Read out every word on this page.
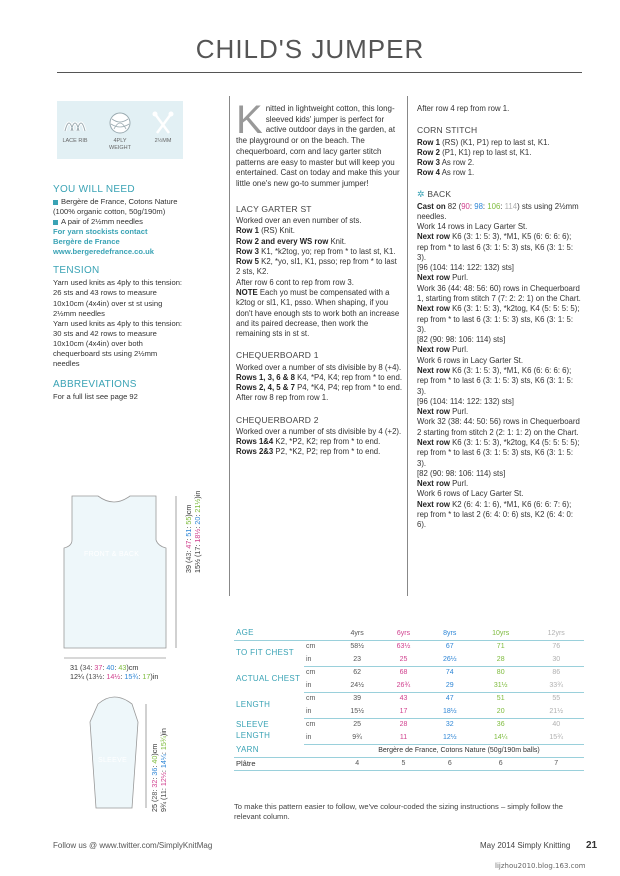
CHILD'S JUMPER
LACE RIB	4PLY WEIGHT
2½MM
YOU WILL NEED

Bergère de France, Cotons Nature (100% organic cotton, 50g/190m)

A pair of 2½mm needles

For yarn stockists contact

Bergère de France

www.bergeredefrance.co.uk

TENSION

Yarn used knits as 4ply to this tension: 26 sts and 43 rows to measure 10x10cm (4x4in) over st st using 2½mm needles

Yarn used knits as 4ply to this tension: 30 sts and 42 rows to measure 10x10cm (4x4in) over both chequerboard sts using 2½mm needles

ABBREVIATIONS

For a full list see page 92

FRONT & BACK
SLEEVE
39 (43: 47: 51: 55)cm
15½ (17: 18½: 20: 21½)in
31 (34: 37: 40: 43)cm
12¼ (13½: 14½: 15¾: 17)in
25 (28: 32: 36: 40)cm
9¾ (11: 12½: 14¼: 15¾)in

Knitted in lightweight cotton, this long-sleeved kids' jumper is perfect for active outdoor days in the garden, at the playground or on the beach. The chequerboard, corn and lacy garter stitch patterns are easy to master but will keep you entertained. Cast on today and make this your little one's new go-to summer jumper!

LACY GARTER ST

Worked over an even number of sts.

Row 1 (RS) Knit.

Row 2 and every WS row Knit.

Row 3 K1, *k2tog, yo; rep from * to last st, K1.

Row 5 K2, *yo, sl1, K1, psso; rep from * to last 2 sts, K2.

After row 6 cont to rep from row 3.

NOTE Each yo must be compensated with a k2tog or sl1, K1, psso. When shaping, if you don't have enough sts to work both an increase and its paired decrease, then work the remaining sts in st st.

CHEQUERBOARD 1

Worked over a number of sts divisible by 8 (+4).

Rows 1, 3, 6 & 8 K4, *P4, K4; rep from * to end.

Rows 2, 4, 5 & 7 P4, *K4, P4; rep from * to end.

After row 8 rep from row 1.

CHEQUERBOARD 2

Worked over a number of sts divisible by 4 (+2).

Rows 1&4 K2, *P2, K2; rep from * to end.

Rows 2&3 P2, *K2, P2; rep from * to end.

After row 4 rep from row 1.

CORN STITCH

Row 1 (RS) (K1, P1) rep to last st, K1.

Row 2 (P1, K1) rep to last st, K1.

Row 3 As row 2.

Row 4 As row 1.

✲ BACK

Cast on 82 (90: 98: 106: 114) sts using 2½mm needles.

Work 14 rows in Lacy Garter St.

Next row K6 (3: 1: 5: 3), *M1, K5 (6: 6: 6: 6); rep from * to last 6 (3: 1: 5: 3) sts, K6 (3: 1: 5: 3).

[96 (104: 114: 122: 132) sts]

Next row Purl.

Work 36 (44: 48: 56: 60) rows in Chequerboard 1, starting from stitch 7 (7: 2: 2: 1) on the Chart.

Next row K6 (3: 1: 5: 3), *k2tog, K4 (5: 5: 5: 5); rep from * to last 6 (3: 1: 5: 3) sts, K6 (3: 1: 5: 3).

[82 (90: 98: 106: 114) sts]

Next row Purl.

Work 6 rows in Lacy Garter St.

Next row K6 (3: 1: 5: 3), *M1, K6 (6: 6: 6: 6); rep from * to last 6 (3: 1: 5: 3) sts, K6 (3: 1: 5: 3).

[96 (104: 114: 122: 132) sts]

Next row Purl.

Work 32 (38: 44: 50: 56) rows in Chequerboard 2 starting from stitch 2 (2: 1: 1: 2) on the Chart.

Next row K6 (3: 1: 5: 3), *k2tog, K4 (5: 5: 5: 5); rep from * to last 6 (3: 1: 5: 3) sts, K6 (3: 1: 5: 3).

[82 (90: 98: 106: 114) sts]

Next row Purl.

Work 6 rows of Lacy Garter St.

Next row K2 (6: 4: 1: 6), *M1, K6 (6: 6: 7: 6); rep from * to last 2 (6: 4: 0: 6) sts, K2 (6: 4: 0: 6).

AGE		4yrs	6yrs	8yrs	10yrs	12yrs
TO FIT CHEST	cm	58½	63½	67	71	76
	in	23	25	26½	28	30
ACTUAL CHEST	cm	62	68	74	80	86
	in	24½	26¾	29	31½	33¾
LENGTH	cm	39	43	47	51	55
	in	15½	17	18½	20	21½
SLEEVE LENGTH	cm	25	28	32	36	40
	in	9¾	11	12½	14¼	15¾
YARN		Bergère de France, Cotons Nature (50g/190m balls)				
Plâtre		4	5	6	6	7
To make this pattern easier to follow, we've colour-coded the sizing instructions – simply follow the relevant column.
Follow us @ www.twitter.com/SimplyKnitMag	May 2014 Simply Knitting 21
lijzhou2010.blog.163.com
